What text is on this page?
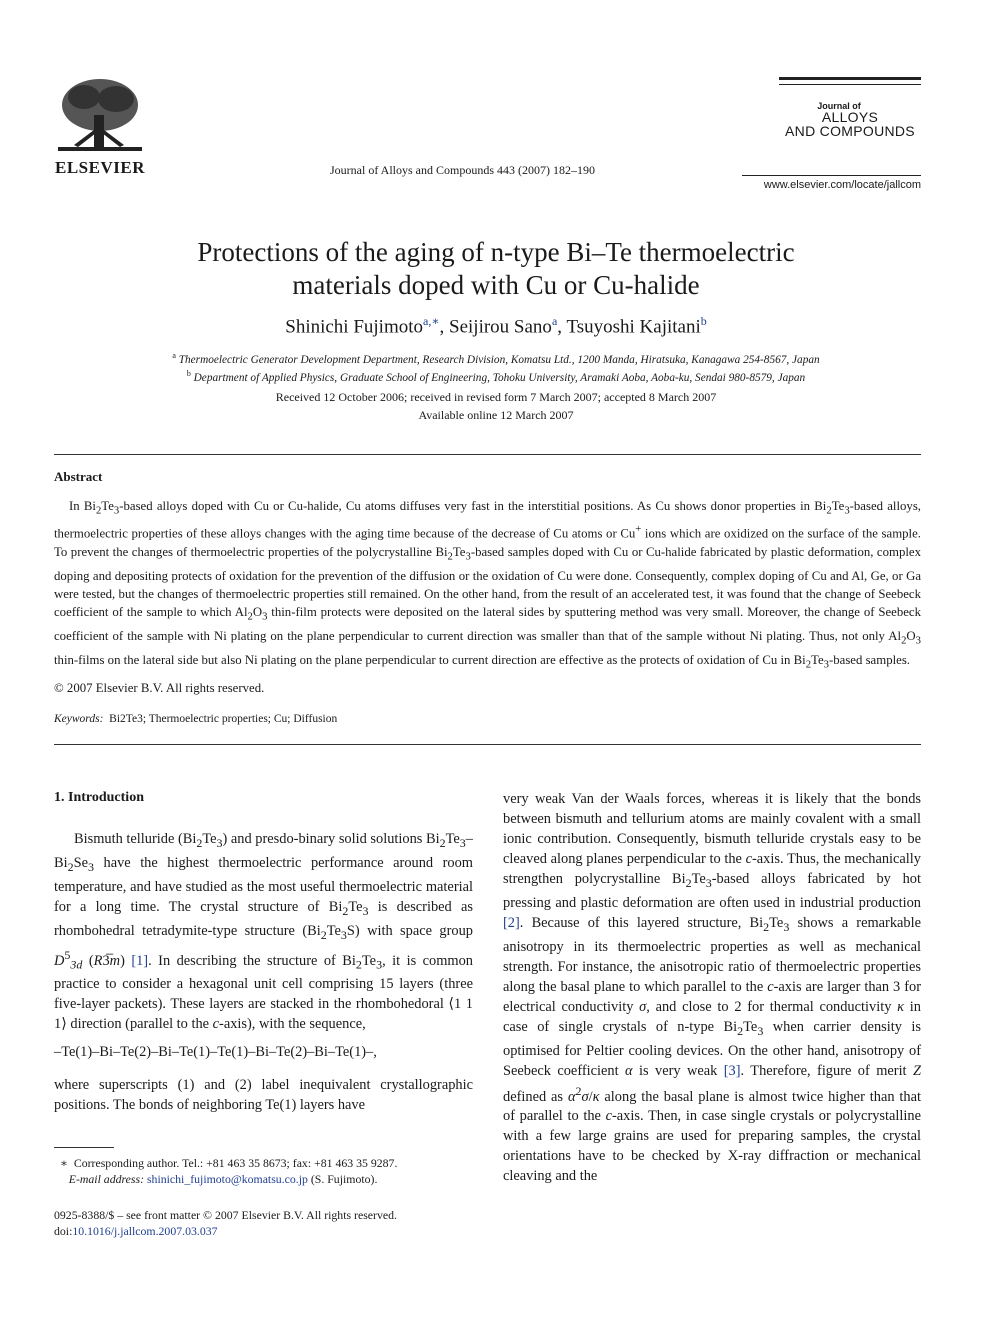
ELSEVIER	Journal of Alloys and Compounds 443 (2007) 182–190
Journal of
ALLOYS
AND COMPOUNDS
www.elsevier.com/locate/jallcom
Protections of the aging of n-type Bi–Te thermoelectric
materials doped with Cu or Cu-halide
Shinichi Fujimoto$^{a,∗}$, Seijirou Sano$^a$, Tsuyoshi Kajitani$^b$
$^a$ Thermoelectric Generator Development Department, Research Division, Komatsu Ltd., 1200 Manda, Hiratsuka, Kanagawa 254-8567, Japan
$^b$ Department of Applied Physics, Graduate School of Engineering, Tohoku University, Aramaki Aoba, Aoba-ku, Sendai 980-8579, Japan
Received 12 October 2006; received in revised form 7 March 2007; accepted 8 March 2007
Available online 12 March 2007
Abstract
In $Bi_2Te_3$-based alloys doped with Cu or Cu-halide, Cu atoms diffuses very fast in the interstitial positions. As Cu shows donor properties in $Bi_2Te_3$-based alloys, thermoelectric properties of these alloys changes with the aging time because of the decrease of Cu atoms or Cu+ ions which are oxidized on the surface of the sample. To prevent the changes of thermoelectric properties of the polycrystalline $Bi_2Te_3$-based samples doped with Cu or Cu-halide fabricated by plastic deformation, complex doping and depositing protects of oxidation for the prevention of the diffusion or the oxidation of Cu were done. Consequently, complex doping of Cu and Al, Ge, or Ga were tested, but the changes of thermoelectric properties still remained. On the other hand, from the result of an accelerated test, it was found that the change of Seebeck coefficient of the sample to which $Al_2O_3$ thin-film protects were deposited on the lateral sides by sputtering method was very small. Moreover, the change of Seebeck coefficient of the sample with Ni plating on the plane perpendicular to current direction was smaller than that of the sample without Ni plating. Thus, not only $Al_2O_3$ thin-films on the lateral side but also Ni plating on the plane perpendicular to current direction are effective as the protects of oxidation of Cu in $Bi_2Te_3$-based samples.
© 2007 Elsevier B.V. All rights reserved.
Keywords: Bi2Te3; Thermoelectric properties; Cu; Diffusion
1. Introduction

Bismuth telluride $(Bi_2Te_3)$ and presdo-binary solid solutions $Bi_2Te_3-Bi_2Se_3$ have the highest thermoelectric performance around room temperature, and have studied as the most useful thermoelectric material for a long time. The crystal structure of $Bi_2Te_3$ is described as rhombohedral tetradymite-type structure $(Bi_2Te_3S)$ with space group $D^5_{3d}$ (R3̅m) [1]. In describing the structure of $Bi_2Te_3$, it is common practice to consider a hexagonal unit cell comprising 15 layers (three five-layer packets). These layers are stacked in the rhombohedoral ⟨1 1 1⟩ direction (parallel to the c-axis), with the sequence,

–Te(1)–Bi–Te(2)–Bi–Te(1)–Te(1)–Bi–Te(2)–Bi–Te(1)–,

where superscripts (1) and (2) label inequivalent crystallographic positions. The bonds of neighboring Te(1) layers have

∗ Corresponding author. Tel.: +81 463 35 8673; fax: +81 463 35 9287.
E-mail address: shinichi_fujimoto@komatsu.co.jp (S. Fujimoto).
0925-8388/$ – see front matter © 2007 Elsevier B.V. All rights reserved.
doi:10.1016/j.jallcom.2007.03.037

very weak Van der Waals forces, whereas it is likely that the bonds between bismuth and tellurium atoms are mainly covalent with a small ionic contribution. Consequently, bismuth telluride crystals easy to be cleaved along planes perpendicular to the c-axis. Thus, the mechanically strengthen polycrystalline $Bi_2Te_3$-based alloys fabricated by hot pressing and plastic deformation are often used in industrial production [2]. Because of this layered structure, $Bi_2Te_3$ shows a remarkable anisotropy in its thermoelectric properties as well as mechanical strength. For instance, the anisotropic ratio of thermoelectric properties along the basal plane to which parallel to the c-axis are larger than 3 for electrical conductivity σ, and close to 2 for thermal conductivity κ in case of single crystals of n-type $Bi_2Te_3$ when carrier density is optimised for Peltier cooling devices. On the other hand, anisotropy of Seebeck coefficient α is very weak [3]. Therefore, figure of merit Z defined as $\alpha^2\sigma/\kappa$ along the basal plane is almost twice higher than that of parallel to the c-axis. Then, in case single crystals or polycrystalline with a few large grains are used for preparing samples, the crystal orientations have to be checked by X-ray diffraction or mechanical cleaving and the
